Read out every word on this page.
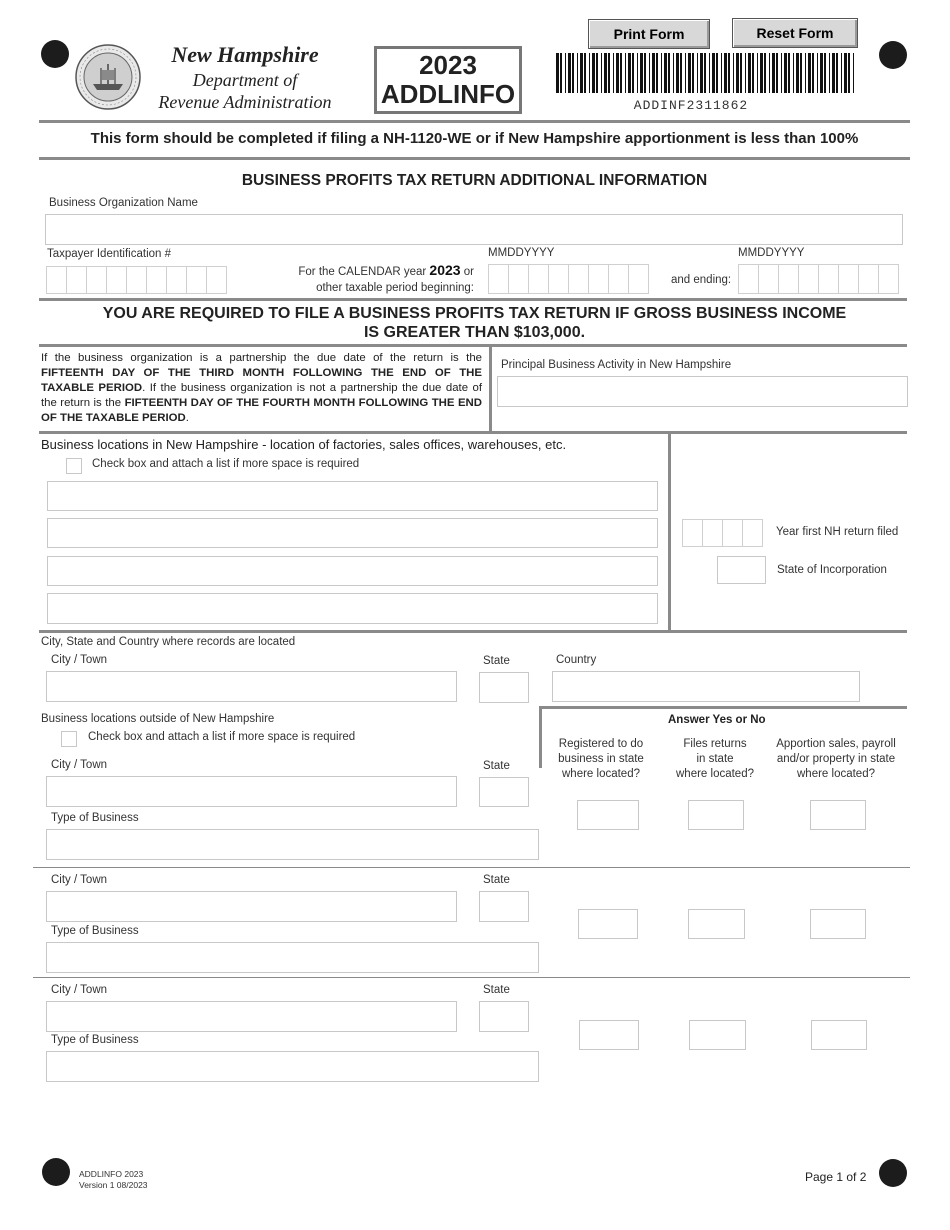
New Hampshire
Department of
Revenue Administration
2023
ADDLINFO
Print Form	Reset Form
ADDINF2311862
This form should be completed if filing a NH-1120-WE or if New Hampshire apportionment is less than 100%
BUSINESS PROFITS TAX RETURN ADDITIONAL INFORMATION
Business Organization Name
Taxpayer Identification #
For the CALENDAR year 2023 or
other taxable period beginning:
MMDDYYYY
and ending:
MMDDYYYY
YOU ARE REQUIRED TO FILE A BUSINESS PROFITS TAX RETURN IF GROSS BUSINESS INCOME
IS GREATER THAN $103,000.
If the business organization is a partnership the due date of the return is the FIFTEENTH DAY OF THE THIRD MONTH FOLLOWING THE END OF THE TAXABLE PERIOD. If the business organization is not a partnership the due date of the return is the FIFTEENTH DAY OF THE FOURTH MONTH FOLLOWING THE END OF THE TAXABLE PERIOD.
Principal Business Activity in New Hampshire
Business locations in New Hampshire - location of factories, sales offices, warehouses, etc.
Check box and attach a list if more space is required
Year first NH return filed
State of Incorporation
City, State and Country where records are located
City / Town	State	Country
Business locations outside of New Hampshire
Check box and attach a list if more space is required
Answer Yes or No
Registered to do
business in state
where located?
Files returns
in state
where located?
Apportion sales, payroll
and/or property in state
where located?
City / Town	State
Type of Business
City / Town	State
Type of Business
City / Town	State
Type of Business
ADDLINFO 2023
Version 1 08/2023
Page 1 of 2
